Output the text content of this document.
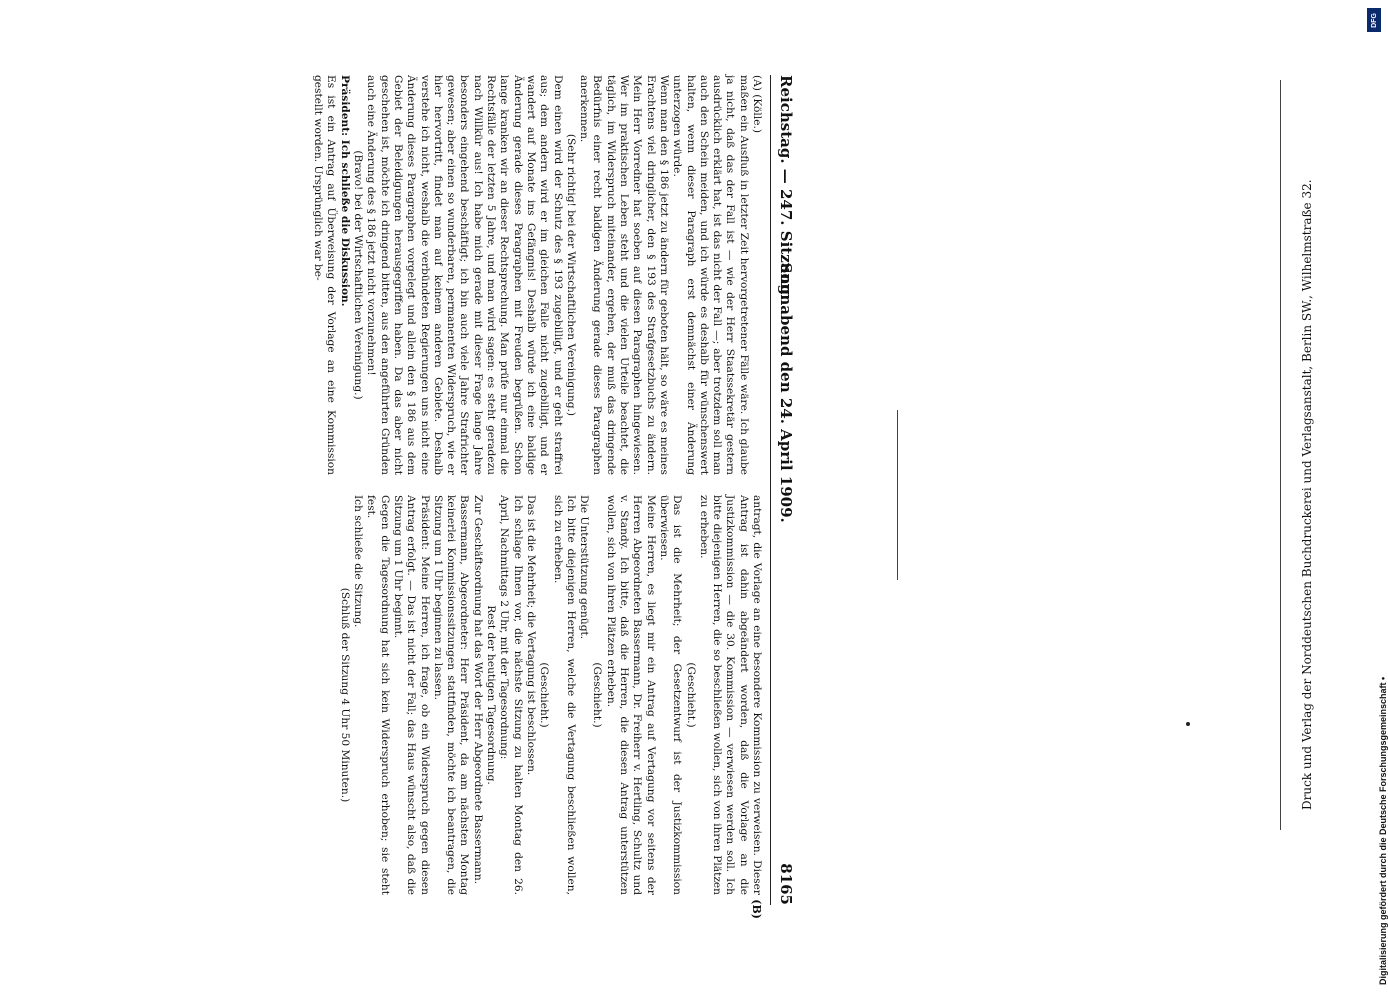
Reichstag. — 247. Sitzung.
Sonnabend den 24. April 1909.  8165

(A) (Kölle.)

maßen ein Ausfluß in letzter Zeit hervorgetretener Fälle wäre. Ich glaube ja nicht, daß das der Fall ist — wie der Herr Staatssekretär gestern ausdrücklich erklärt hat, ist das nicht der Fall —; aber trotzdem soll man auch den Schein meiden, und ich würde es deshalb für wünschenswert halten, wenn dieser Paragraph erst demnächst einer Änderung unterzogen würde.

Wenn man den § 186 jetzt zu ändern für geboten hält, so wäre es meines Erachtens viel dringlicher, den § 193 des Strafgesetzbuchs zu ändern. Mein Herr Vorredner hat soeben auf diesen Paragraphen hingewiesen. Wer im praktischen Leben steht und die vielen Urteile beachtet, die täglich, im Widerspruch miteinander, ergehen, der muß das dringende Bedürfnis einer recht baldigen Änderung gerade dieses Paragraphen anerkennen.

(Sehr richtig! bei der Wirtschaftlichen Vereinigung.)

Dem einen wird der Schutz des § 193 zugebilligt, und er geht straffrei aus; dem andern wird er im gleichen Falle nicht zugebilligt, und er wandert auf Monate ins Gefängnis! Deshalb würde ich eine baldige Änderung gerade dieses Paragraphen mit Freuden begrüßen. Schon lange kranken wir an dieser Rechtsprechung. Man prüfe nur einmal die Rechtsfälle der letzten 5 Jahre, und man wird sagen: es steht geradezu nach Willkür aus! Ich habe mich gerade mit dieser Frage lange Jahre besonders eingehend beschäftigt; ich bin auch viele Jahre Strafrichter gewesen; aber einen so wunderbaren, permanenten Widerspruch, wie er hier hervortritt, findet man auf keinem anderen Gebiete. Deshalb verstehe ich nicht, weshalb die verbündeten Regierungen uns nicht eine Änderung dieses Paragraphen vorgelegt und allein den § 186 aus dem Gebiet der Beleidigungen herausgegriffen haben. Da das aber nicht geschehen ist, möchte ich dringend bitten, aus den angeführten Gründen auch eine Änderung des § 186 jetzt nicht vorzunehmen!

(Bravo! bei der Wirtschaftlichen Vereinigung.)

Präsident: Ich schließe die Diskussion.

Es ist ein Antrag auf Überweisung der Vorlage an eine Kommission gestellt worden. Ursprünglich war be-

antragt, die Vorlage an eine besondere Kommission zu verweisen. Dieser Antrag ist dahin abgeändert worden, daß die Vorlage an die Justizkommission — die 30. Kommission — verwiesen werden soll. Ich bitte diejenigen Herren, die so beschließen wollen, sich von ihren Plätzen zu erheben.

(Geschieht.)

Das ist die Mehrheit; der Gesetzentwurf ist der Justizkommission überwiesen.

Meine Herren, es liegt mir ein Antrag auf Vertagung vor seitens der Herren Abgeordneten Bassermann, Dr. Freiherr v. Hertling, Schultz und v. Standy. Ich bitte, daß die Herren, die diesen Antrag unterstützen wollen, sich von ihren Plätzen erheben.

(Geschieht.)

Die Unterstützung genügt.

Ich bitte diejenigen Herren, welche die Vertagung beschließen wollen, sich zu erheben.

(Geschieht.)

Das ist die Mehrheit; die Vertagung ist beschlossen.

Ich schlage Ihnen vor, die nächste Sitzung zu halten Montag den 26. April, Nachmittags 2 Uhr, mit der Tagesordnung:

Rest der heutigen Tagesordnung.

Zur Geschäftsordnung hat das Wort der Herr Abgeordnete Bassermann.

Bassermann, Abgeordneter: Herr Präsident, da am nächsten Montag keinerlei Kommissionssitzungen stattfinden, möchte ich beantragen, die Sitzung um 1 Uhr beginnen zu lassen.

Präsident: Meine Herren, ich frage, ob ein Widerspruch gegen diesen Antrag erfolgt. — Das ist nicht der Fall; das Haus wünscht also, daß die Sitzung um 1 Uhr beginnt.

Gegen die Tagesordnung hat sich kein Widerspruch erhoben; sie steht fest.

Ich schließe die Sitzung.

(Schluß der Sitzung 4 Uhr 50 Minuten.)

(B)
Druck und Verlag der Norddeutschen Buchdruckerei und Verlagsanstalt, Berlin SW., Wilhelmstraße 32.
DFG
Digitalisierung gefördert durch die Deutsche Forschungsgemeinschaft •
